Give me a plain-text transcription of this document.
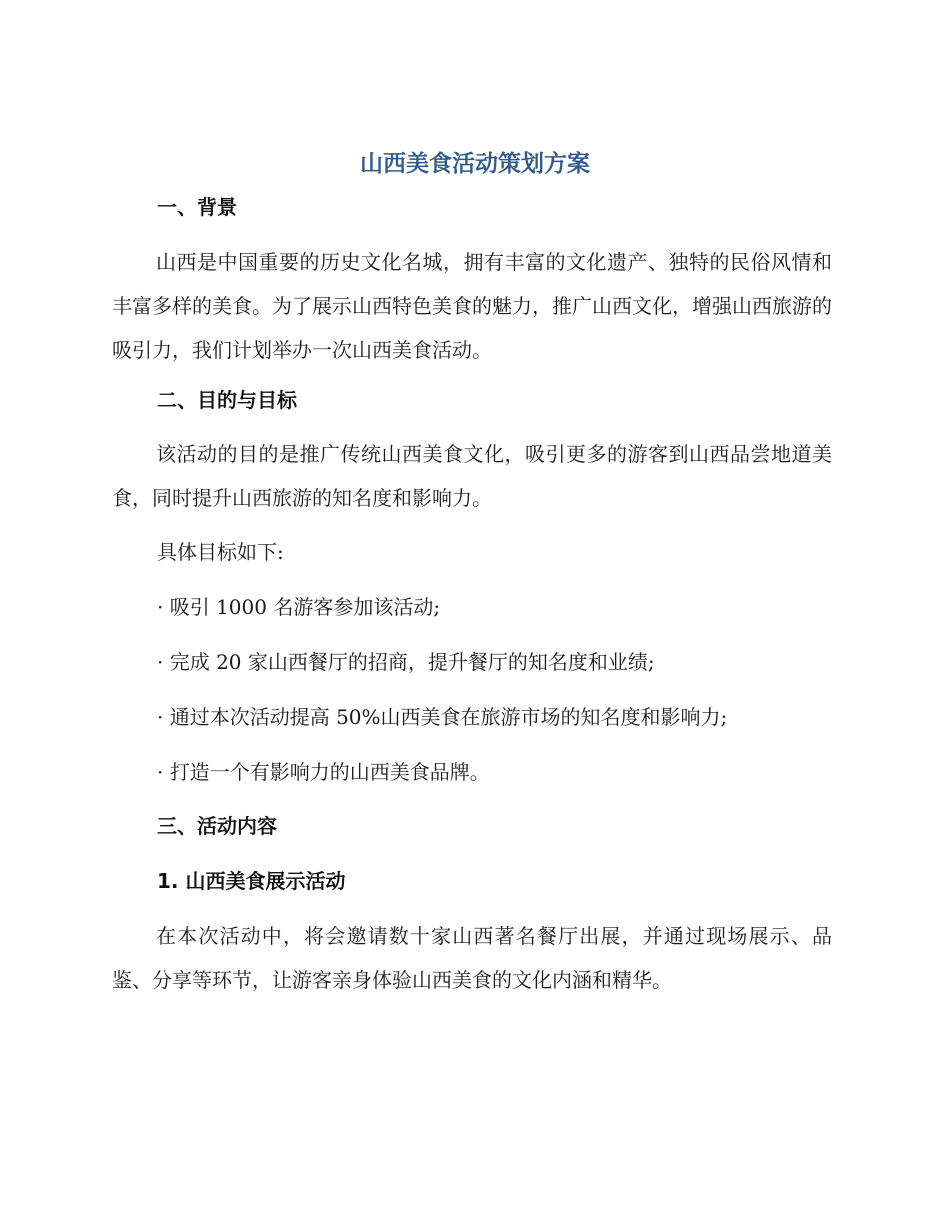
山西美食活动策划方案
一、背景

山西是中国重要的历史文化名城，拥有丰富的文化遗产、独特的民俗风情和丰富多样的美食。为了展示山西特色美食的魅力，推广山西文化，增强山西旅游的吸引力，我们计划举办一次山西美食活动。

二、目的与目标

该活动的目的是推广传统山西美食文化，吸引更多的游客到山西品尝地道美食，同时提升山西旅游的知名度和影响力。

具体目标如下:
· 吸引 1000 名游客参加该活动;
· 完成 20 家山西餐厅的招商，提升餐厅的知名度和业绩;
· 通过本次活动提高 50%山西美食在旅游市场的知名度和影响力;
· 打造一个有影响力的山西美食品牌。
三、活动内容
1. 山西美食展示活动

在本次活动中，将会邀请数十家山西著名餐厅出展，并通过现场展示、品鉴、分享等环节，让游客亲身体验山西美食的文化内涵和精华。
